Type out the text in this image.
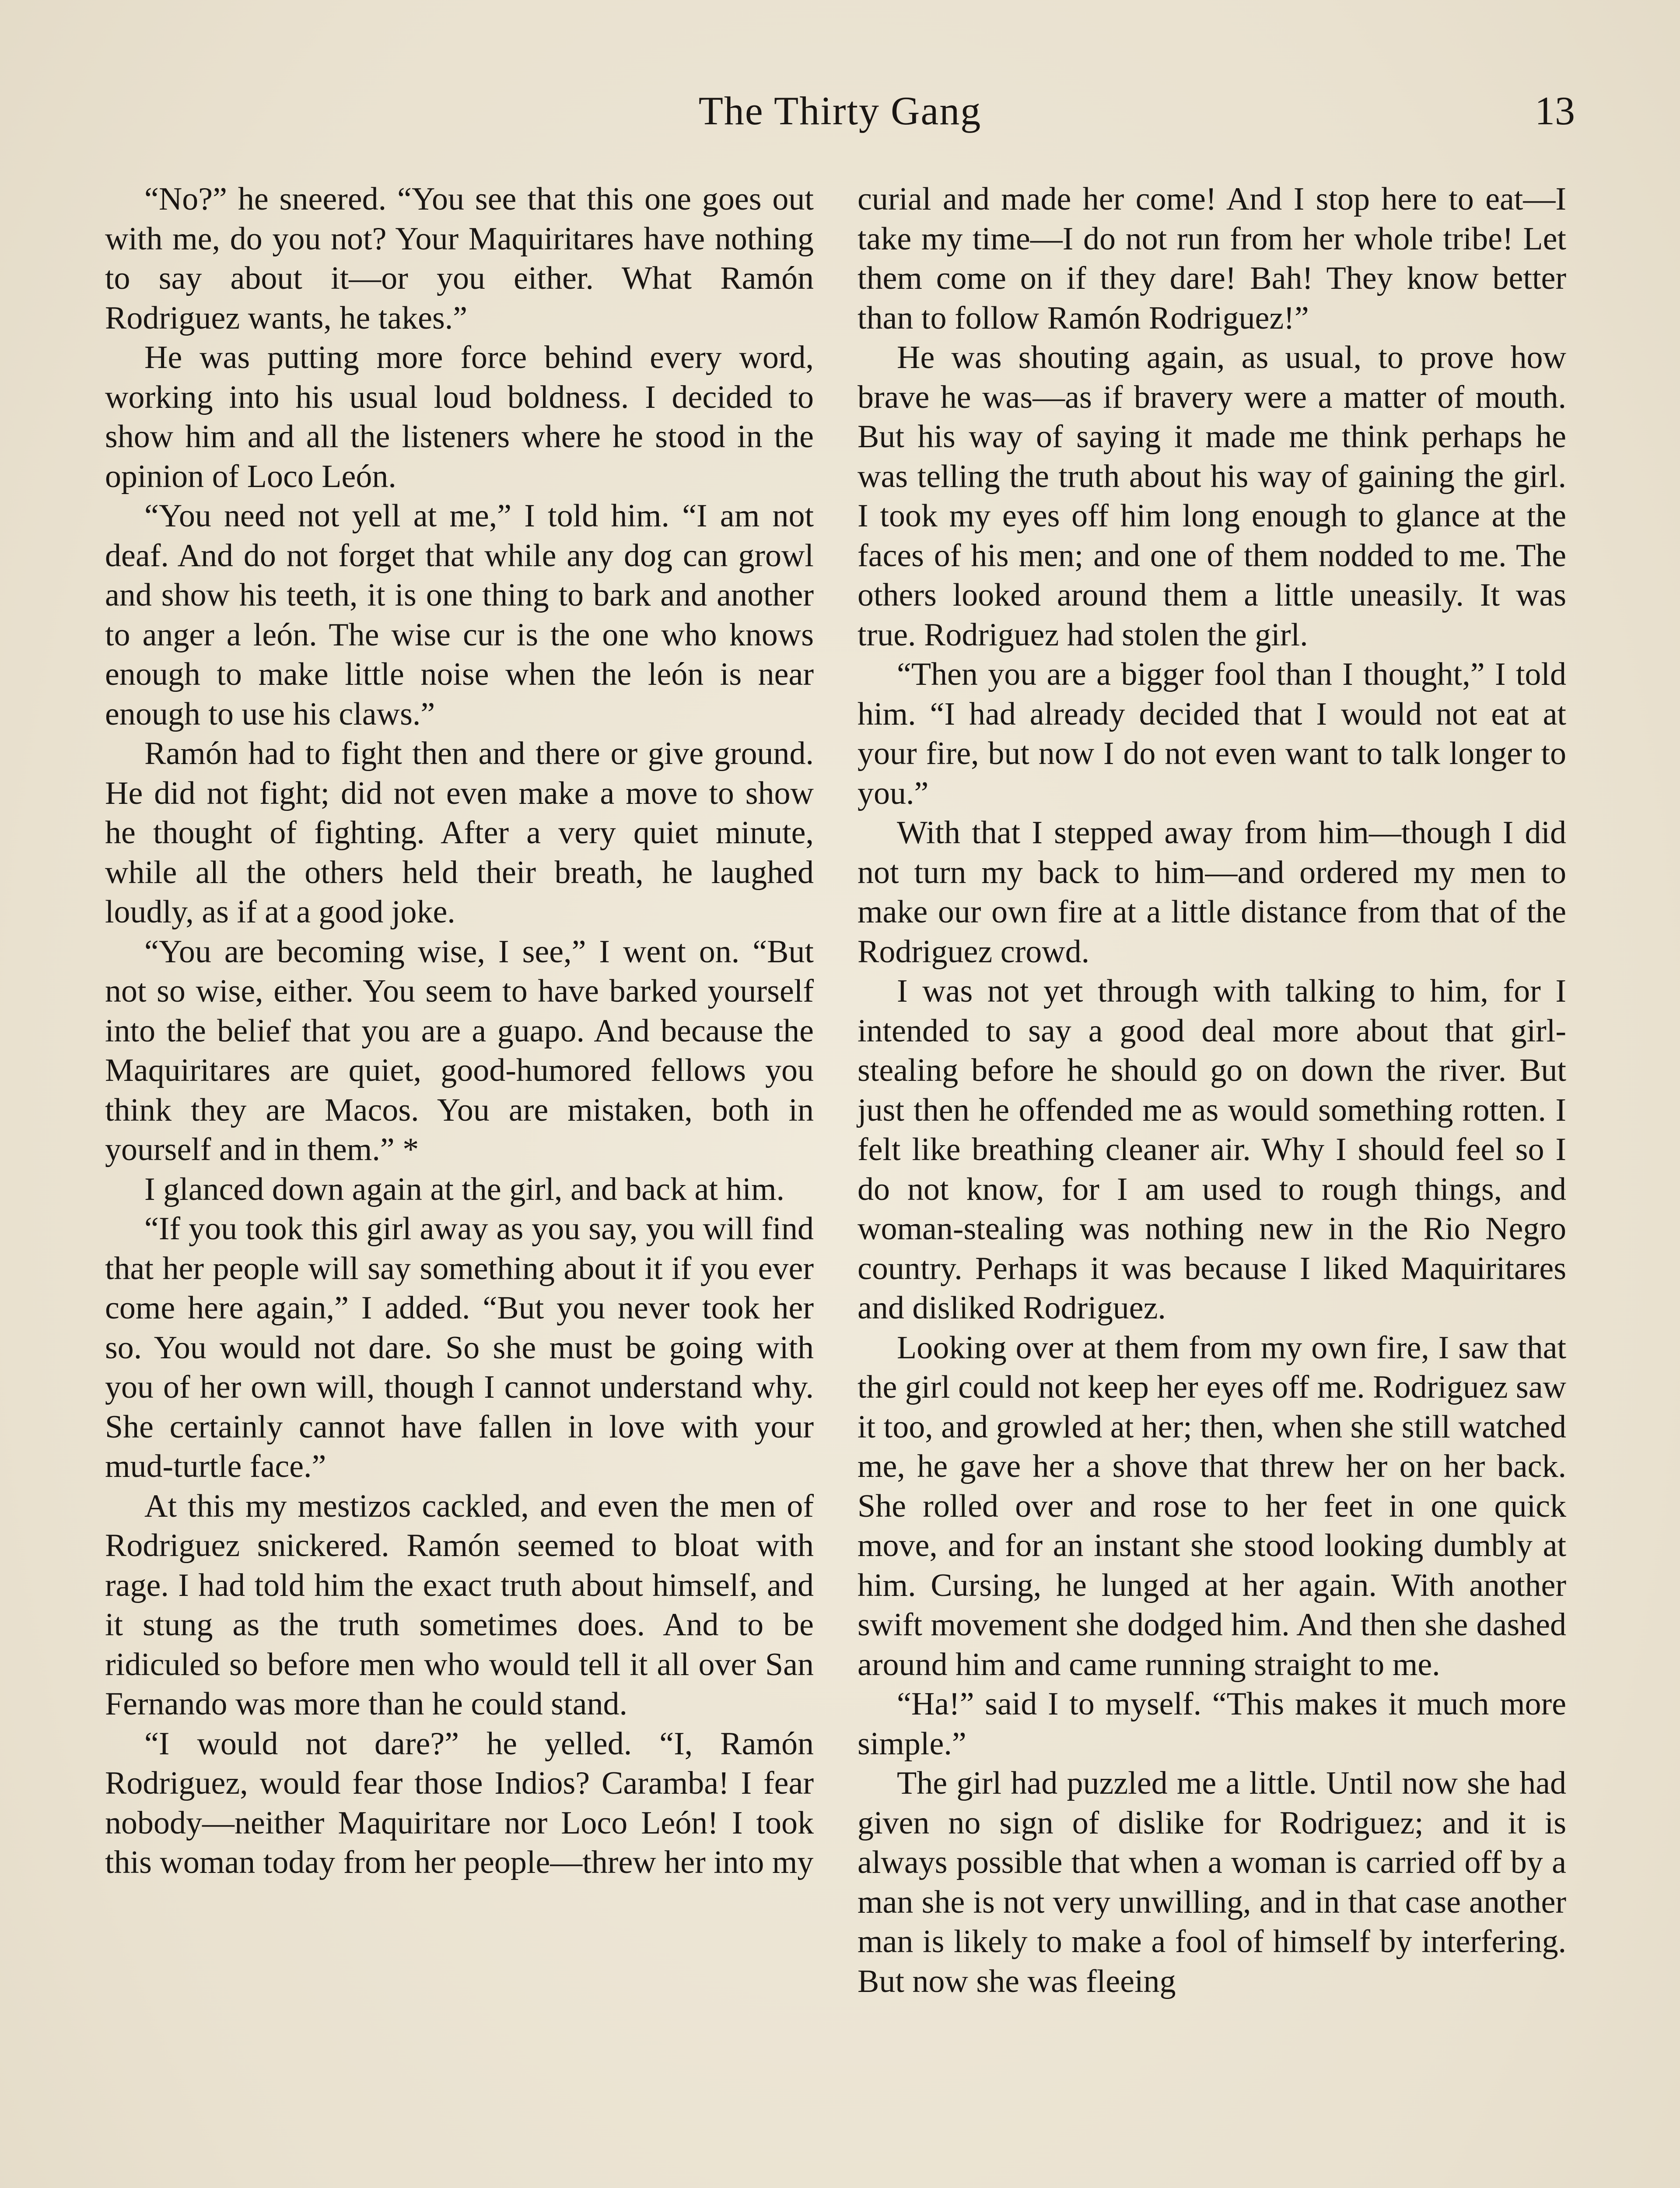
The Thirty Gang	13

“No?” he sneered. “You see that this one goes out with me, do you not? Your Maquiritares have nothing to say about it—or you either. What Ramón Rodriguez wants, he takes.”

He was putting more force behind every word, working into his usual loud boldness. I decided to show him and all the listeners where he stood in the opinion of Loco León.

“You need not yell at me,” I told him. “I am not deaf. And do not forget that while any dog can growl and show his teeth, it is one thing to bark and another to anger a león. The wise cur is the one who knows enough to make little noise when the león is near enough to use his claws.”

Ramón had to fight then and there or give ground. He did not fight; did not even make a move to show he thought of fighting. After a very quiet minute, while all the others held their breath, he laughed loudly, as if at a good joke.

“You are becoming wise, I see,” I went on. “But not so wise, either. You seem to have barked yourself into the belief that you are a guapo. And because the Maquiritares are quiet, good-humored fellows you think they are Macos. You are mistaken, both in yourself and in them.” *

I glanced down again at the girl, and back at him.

“If you took this girl away as you say, you will find that her people will say something about it if you ever come here again,” I added. “But you never took her so. You would not dare. So she must be going with you of her own will, though I cannot understand why. She certainly cannot have fallen in love with your mud-turtle face.”

At this my mestizos cackled, and even the men of Rodriguez snickered. Ramón seemed to bloat with rage. I had told him the exact truth about himself, and it stung as the truth sometimes does. And to be ridiculed so before men who would tell it all over San Fernando was more than he could stand.

“I would not dare?” he yelled. “I, Ramón Rodriguez, would fear those Indios? Caramba! I fear nobody—neither Maquiritare nor Loco León! I took this woman today from her people—threw her into my

curial and made her come! And I stop here to eat—I take my time—I do not run from her whole tribe! Let them come on if they dare! Bah! They know better than to follow Ramón Rodriguez!”

He was shouting again, as usual, to prove how brave he was—as if bravery were a matter of mouth. But his way of saying it made me think perhaps he was telling the truth about his way of gaining the girl. I took my eyes off him long enough to glance at the faces of his men; and one of them nodded to me. The others looked around them a little uneasily. It was true. Rodriguez had stolen the girl.

“Then you are a bigger fool than I thought,” I told him. “I had already decided that I would not eat at your fire, but now I do not even want to talk longer to you.”

With that I stepped away from him—though I did not turn my back to him—and ordered my men to make our own fire at a little distance from that of the Rodriguez crowd.

I was not yet through with talking to him, for I intended to say a good deal more about that girl-stealing before he should go on down the river. But just then he offended me as would something rotten. I felt like breathing cleaner air. Why I should feel so I do not know, for I am used to rough things, and woman-stealing was nothing new in the Rio Negro country. Perhaps it was because I liked Maquiritares and disliked Rodriguez.

Looking over at them from my own fire, I saw that the girl could not keep her eyes off me. Rodriguez saw it too, and growled at her; then, when she still watched me, he gave her a shove that threw her on her back. She rolled over and rose to her feet in one quick move, and for an instant she stood looking dumbly at him. Cursing, he lunged at her again. With another swift movement she dodged him. And then she dashed around him and came running straight to me.

“Ha!” said I to myself. “This makes it much more simple.”

The girl had puzzled me a little. Until now she had given no sign of dislike for Rodriguez; and it is always possible that when a woman is carried off by a man she is not very unwilling, and in that case another man is likely to make a fool of himself by interfering. But now she was fleeing
